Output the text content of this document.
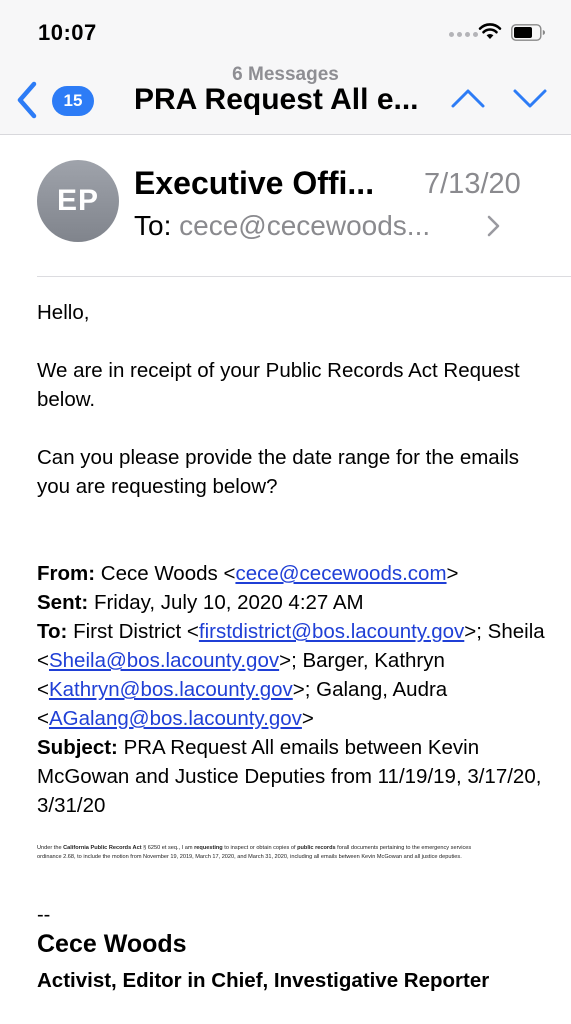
10:07
6 Messages
15	PRA Request All e...
EP	Executive Offi... 7/13/20
To: cece@cecewoods...

Hello,

We are in receipt of your Public Records Act Request below.

Can you please provide the date range for the emails you are requesting below?

From: Cece Woods <cece@cecewoods.com>

Sent: Friday, July 10, 2020 4:27 AM

To: First District <firstdistrict@bos.lacounty.gov>; Sheila <Sheila@bos.lacounty.gov>; Barger, Kathryn <Kathryn@bos.lacounty.gov>; Galang, Audra <AGalang@bos.lacounty.gov>

Subject: PRA Request All emails between Kevin McGowan and Justice Deputies from 11/19/19, 3/17/20, 3/31/20

Under the California Public Records Act § 6250 et seq., I am requesting to inspect or obtain copies of public records forall documents pertaining to the emergency services ordinance 2.68, to include the motion from November 19, 2019, March 17, 2020, and March 31, 2020, including all emails between Kevin McGowan and all justice deputies.
--
Cece Woods
Activist, Editor in Chief, Investigative Reporter
